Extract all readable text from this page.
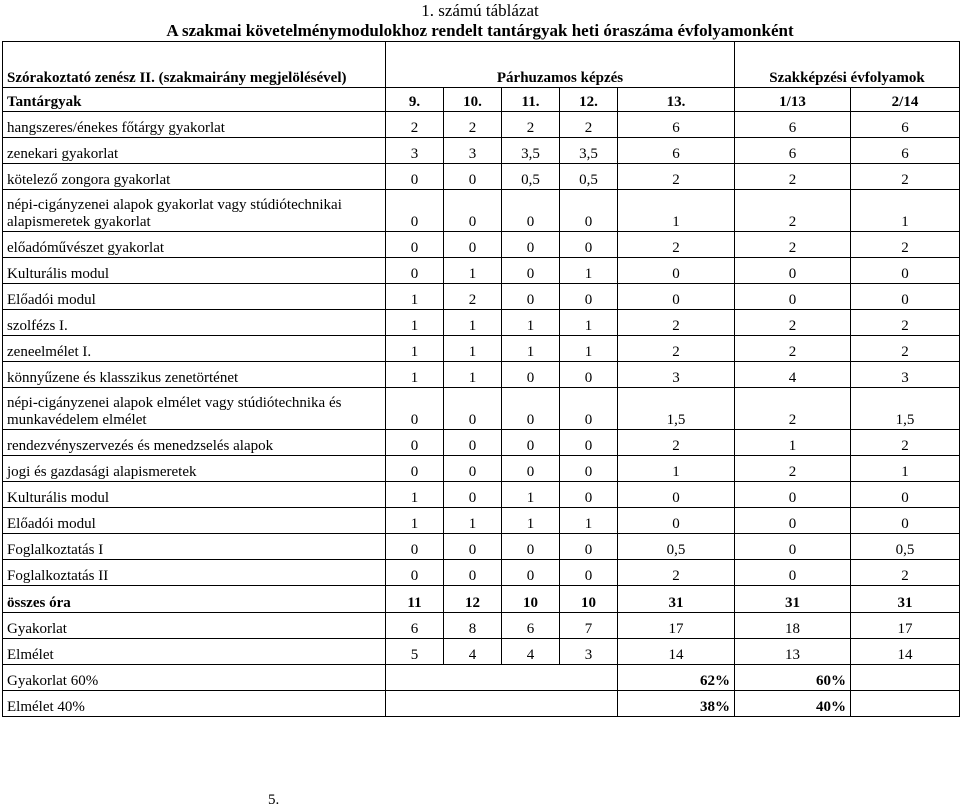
1. számú táblázat
A szakmai követelménymodulokhoz rendelt tantárgyak heti óraszáma évfolyamonként
Szórakoztató zenész II. (szakmairány megjelölésével)	Párhuzamos képzés					Szakképzési évfolyamok	
Tantárgyak	9.	10.	11.	12.	13.	1/13	2/14
hangszeres/énekes főtárgy gyakorlat	2	2	2	2	6	6	6
zenekari gyakorlat	3	3	3,5	3,5	6	6	6
kötelező zongora gyakorlat	0	0	0,5	0,5	2	2	2
népi-cigányzenei alapok gyakorlat vagy stúdiótechnikai alapismeretek gyakorlat	0	0	0	0	1	2	1
előadóművészet gyakorlat	0	0	0	0	2	2	2
Kulturális modul	0	1	0	1	0	0	0
Előadói modul	1	2	0	0	0	0	0
szolfézs I.	1	1	1	1	2	2	2
zeneelmélet I.	1	1	1	1	2	2	2
könnyűzene és klasszikus zenetörténet	1	1	0	0	3	4	3
népi-cigányzenei alapok elmélet vagy stúdiótechnika és munkavédelem elmélet	0	0	0	0	1,5	2	1,5
rendezvényszervezés és menedzselés alapok	0	0	0	0	2	1	2
jogi és gazdasági alapismeretek	0	0	0	0	1	2	1
Kulturális modul	1	0	1	0	0	0	0
Előadói modul	1	1	1	1	0	0	0
Foglalkoztatás I	0	0	0	0	0,5	0	0,5
Foglalkoztatás II	0	0	0	0	2	0	2
összes óra	11	12	10	10	31	31	31
Gyakorlat	6	8	6	7	17	18	17
Elmélet	5	4	4	3	14	13	14
Gyakorlat 60%					62%	60%	
Elmélet 40%					38%	40%	
5.
